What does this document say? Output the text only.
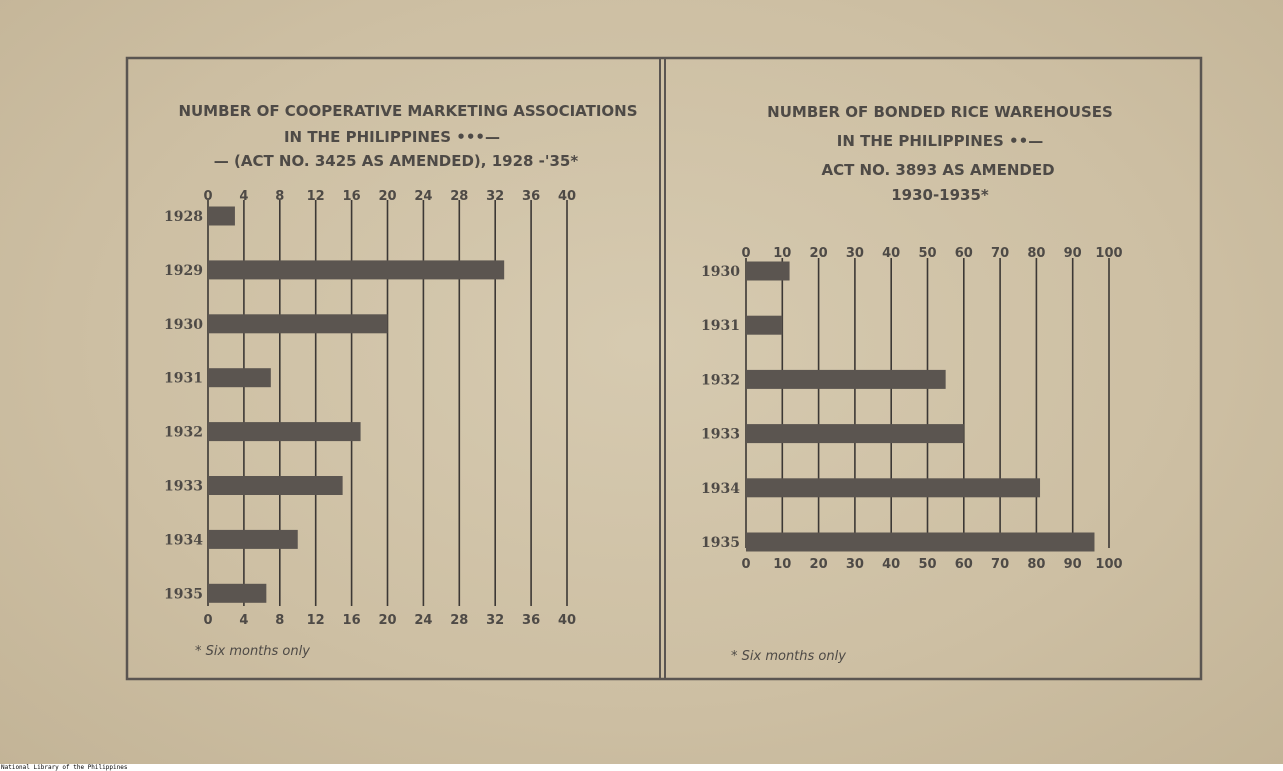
NUMBER OF COOPERATIVE MARKETING ASSOCIATIONS
IN THE PHILIPPINES •••—
— (ACT NO. 3425 AS AMENDED), 1928 -'35*
0 4 8 12 16 20 24 28 32 36 40
0 4 8 12 16 20 24 28 32 36 40
1928
1929
1930
1931
1932
1933
1934
1935
* Six months only
NUMBER OF BONDED RICE WAREHOUSES
IN THE PHILIPPINES ••—
ACT NO. 3893 AS AMENDED
1930-1935*
0 10 20 30 40 50 60 70 80 90 100
0 10 20 30 40 50 60 70 80 90 100
1930
1931
1932
1933
1934
1935
* Six months only
National Library of the Philippines
